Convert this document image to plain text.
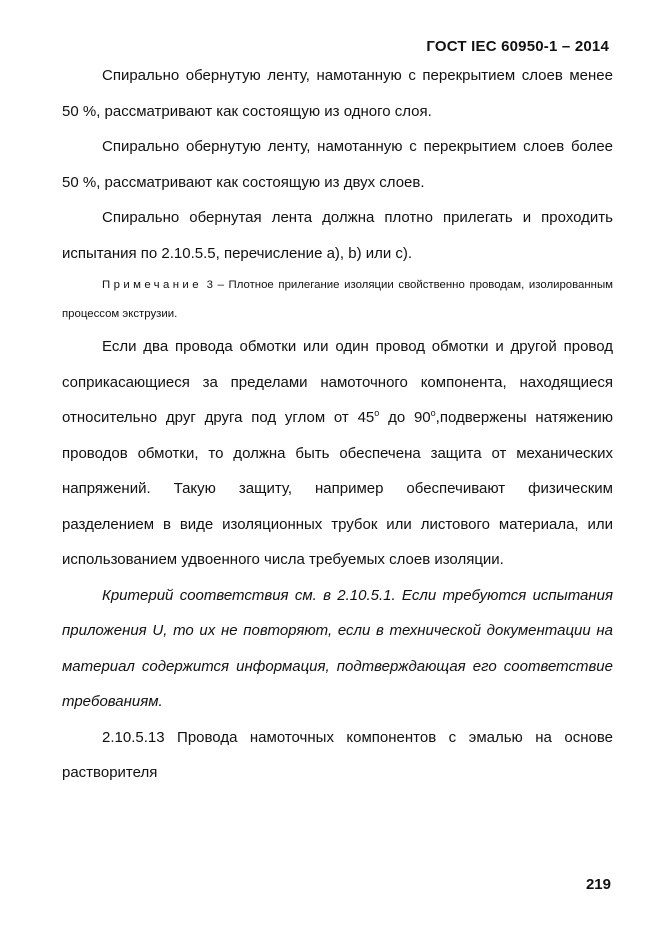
ГОСТ IEC 60950-1 – 2014

Спирально обернутую ленту, намотанную с перекрытием слоев менее 50 %, рассматривают как состоящую из одного слоя.

Спирально обернутую ленту, намотанную с перекрытием слоев более 50 %, рассматривают как состоящую из двух слоев.

Спирально обернутая лента должна плотно прилегать и проходить испытания по 2.10.5.5, перечисление а), b) или с).

Примечание 3 – Плотное прилегание изоляции свойственно проводам, изолированным процессом экструзии.

Если два провода обмотки или один провод обмотки и другой провод соприкасающиеся за пределами намоточного компонента, находящиеся относительно друг друга под углом от $45^о$ до $90^о,подвержены$ натяжению проводов обмотки, то должна быть обеспечена защита от механических напряжений. Такую защиту, например обеспечивают физическим разделением в виде изоляционных трубок или листового материала, или использованием удвоенного числа требуемых слоев изоляции.

Критерий соответствия см. в 2.10.5.1. Если требуются испытания приложения U, то их не повторяют, если в технической документации на материал содержится информация, подтверждающая его соответствие требованиям.

2.10.5.13 Провода намоточных компонентов с эмалью на основе растворителя

219
